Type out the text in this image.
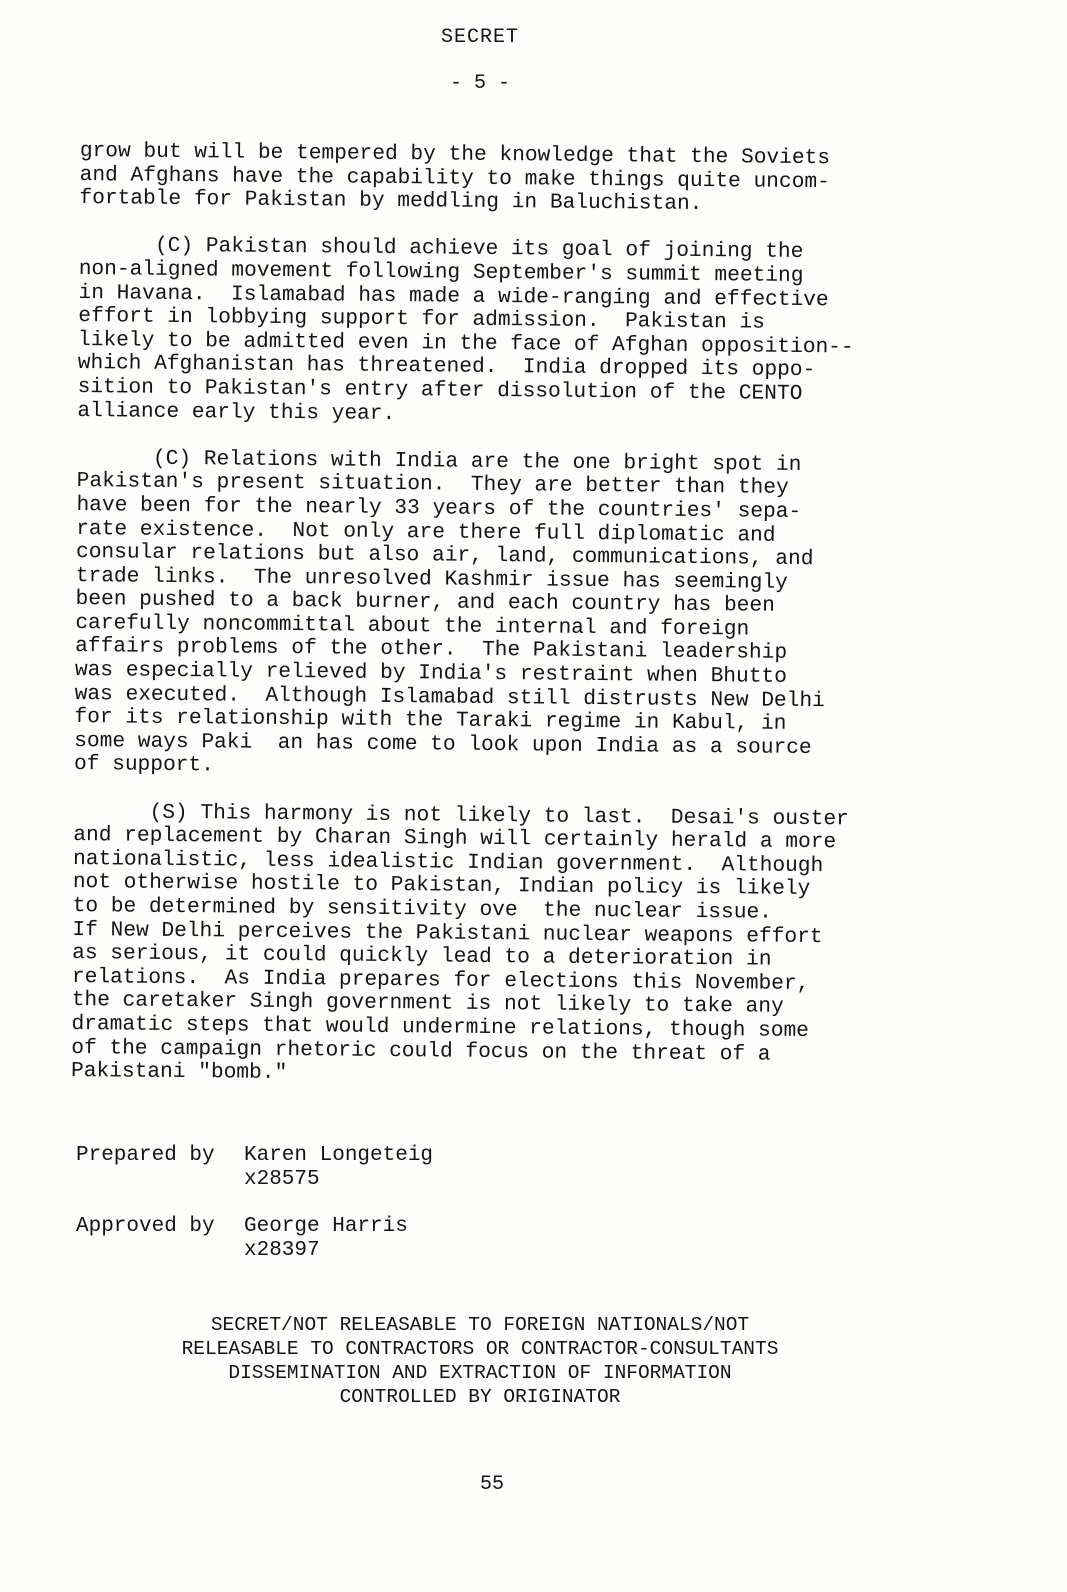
SECRET
- 5 -
grow but will be tempered by the knowledge that the Soviets
and Afghans have the capability to make things quite uncom-
fortable for Pakistan by meddling in Baluchistan.
(C) Pakistan should achieve its goal of joining the
non-aligned movement following September's summit meeting
in Havana.  Islamabad has made a wide-ranging and effective
effort in lobbying support for admission.  Pakistan is
likely to be admitted even in the face of Afghan opposition--
which Afghanistan has threatened.  India dropped its oppo-
sition to Pakistan's entry after dissolution of the CENTO
alliance early this year.
(C) Relations with India are the one bright spot in
Pakistan's present situation.  They are better than they
have been for the nearly 33 years of the countries' sepa-
rate existence.  Not only are there full diplomatic and
consular relations but also air, land, communications, and
trade links.  The unresolved Kashmir issue has seemingly
been pushed to a back burner, and each country has been
carefully noncommittal about the internal and foreign
affairs problems of the other.  The Pakistani leadership
was especially relieved by India's restraint when Bhutto
was executed.  Although Islamabad still distrusts New Delhi
for its relationship with the Taraki regime in Kabul, in
some ways Paki  an has come to look upon India as a source
of support.
(S) This harmony is not likely to last.  Desai's ouster
and replacement by Charan Singh will certainly herald a more
nationalistic, less idealistic Indian government.  Although
not otherwise hostile to Pakistan, Indian policy is likely
to be determined by sensitivity ove  the nuclear issue.
If New Delhi perceives the Pakistani nuclear weapons effort
as serious, it could quickly lead to a deterioration in
relations.  As India prepares for elections this November,
the caretaker Singh government is not likely to take any
dramatic steps that would undermine relations, though some
of the campaign rhetoric could focus on the threat of a
Pakistani "bomb."
Prepared by Karen Longeteig
x28575
Approved by George Harris
x28397
SECRET/NOT RELEASABLE TO FOREIGN NATIONALS/NOT
RELEASABLE TO CONTRACTORS OR CONTRACTOR-CONSULTANTS
DISSEMINATION AND EXTRACTION OF INFORMATION
CONTROLLED BY ORIGINATOR
55
